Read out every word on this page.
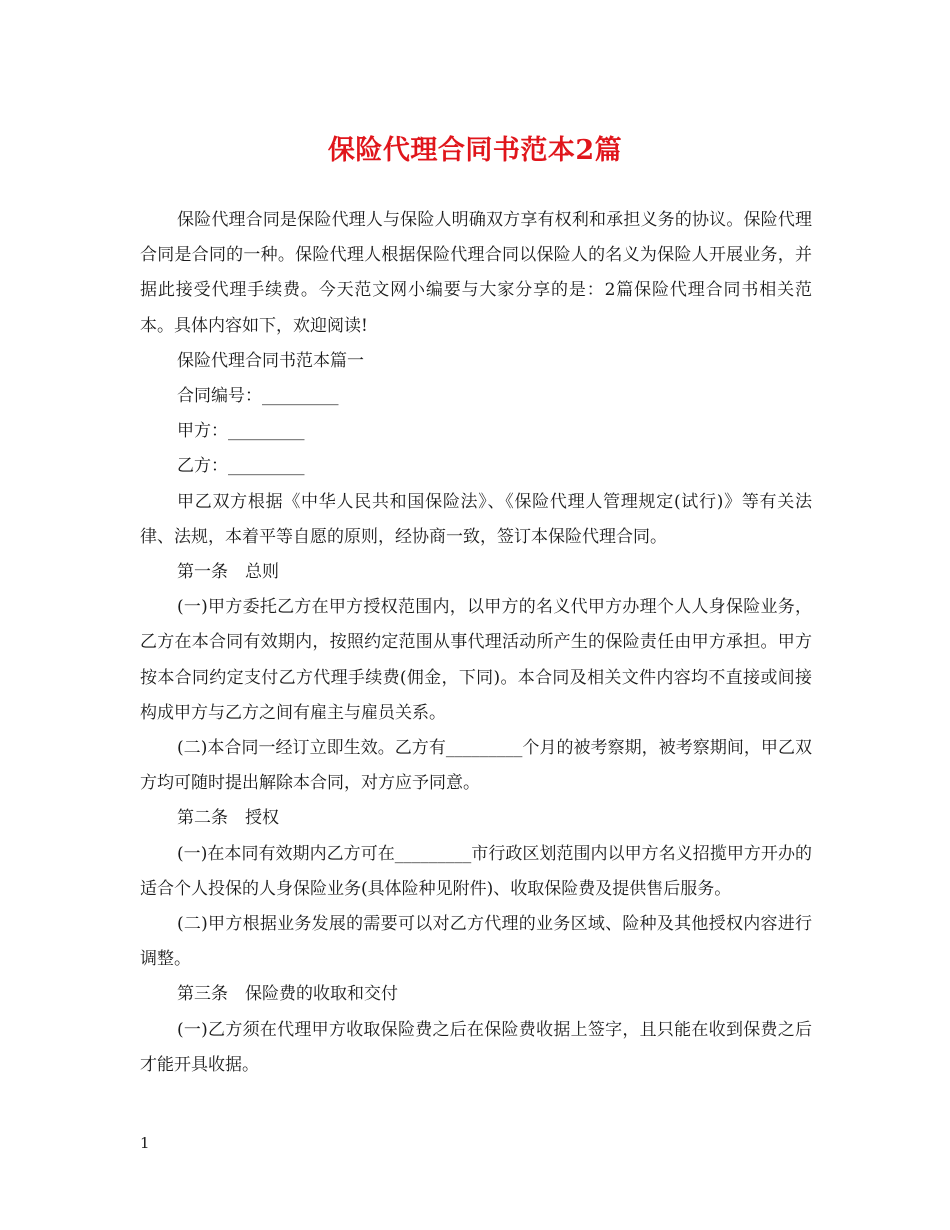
保险代理合同书范本2篇

保险代理合同是保险代理人与保险人明确双方享有权利和承担义务的协议。保险代理合同是合同的一种。保险代理人根据保险代理合同以保险人的名义为保险人开展业务，并据此接受代理手续费。今天范文网小编要与大家分享的是：2篇保险代理合同书相关范本。具体内容如下，欢迎阅读!

保险代理合同书范本篇一

合同编号：_________

甲方：_________

乙方：_________

甲乙双方根据《中华人民共和国保险法》、《保险代理人管理规定(试行)》等有关法律、法规，本着平等自愿的原则，经协商一致，签订本保险代理合同。

第一条　总则

(一)甲方委托乙方在甲方授权范围内，以甲方的名义代甲方办理个人人身保险业务，乙方在本合同有效期内，按照约定范围从事代理活动所产生的保险责任由甲方承担。甲方按本合同约定支付乙方代理手续费(佣金，下同)。本合同及相关文件内容均不直接或间接构成甲方与乙方之间有雇主与雇员关系。

(二)本合同一经订立即生效。乙方有_________个月的被考察期，被考察期间，甲乙双方均可随时提出解除本合同，对方应予同意。

第二条　授权

(一)在本同有效期内乙方可在_________市行政区划范围内以甲方名义招揽甲方开办的适合个人投保的人身保险业务(具体险种见附件)、收取保险费及提供售后服务。

(二)甲方根据业务发展的需要可以对乙方代理的业务区域、险种及其他授权内容进行调整。

第三条　保险费的收取和交付

(一)乙方须在代理甲方收取保险费之后在保险费收据上签字，且只能在收到保费之后才能开具收据。

1
